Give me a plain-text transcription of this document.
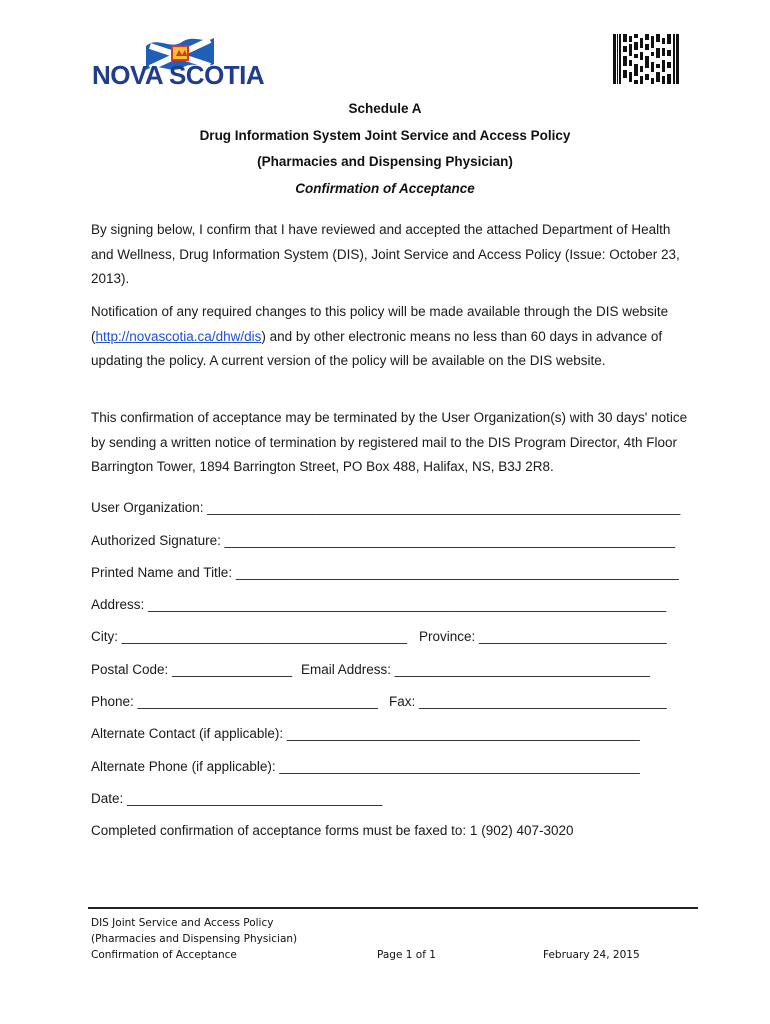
NOVA SCOTIA
Schedule A
Drug Information System Joint Service and Access Policy
(Pharmacies and Dispensing Physician)
Confirmation of Acceptance
By signing below, I confirm that I have reviewed and accepted the attached Department of Health and Wellness, Drug Information System (DIS), Joint Service and Access Policy (Issue: October 23, 2013).
Notification of any required changes to this policy will be made available through the DIS website (http://novascotia.ca/dhw/dis) and by other electronic means no less than 60 days in advance of updating the policy. A current version of the policy will be available on the DIS website.
This confirmation of acceptance may be terminated by the User Organization(s) with 30 days' notice by sending a written notice of termination by registered mail to the DIS Program Director, 4th Floor Barrington Tower, 1894 Barrington Street, PO Box 488, Halifax, NS, B3J 2R8.
User Organization: _______________________________________________________________
Authorized Signature: ____________________________________________________________
Printed Name and Title: ___________________________________________________________
Address: _____________________________________________________________________
City: ______________________________________ Province: _________________________
Postal Code: ________________ Email Address: __________________________________
Phone: ________________________________ Fax: _________________________________
Alternate Contact (if applicable): _______________________________________________
Alternate Phone (if applicable): ________________________________________________
Date: __________________________________
Completed confirmation of acceptance forms must be faxed to: 1 (902) 407-3020
DIS Joint Service and Access Policy
(Pharmacies and Dispensing Physician)
Confirmation of Acceptance	Page 1 of 1	February 24, 2015
